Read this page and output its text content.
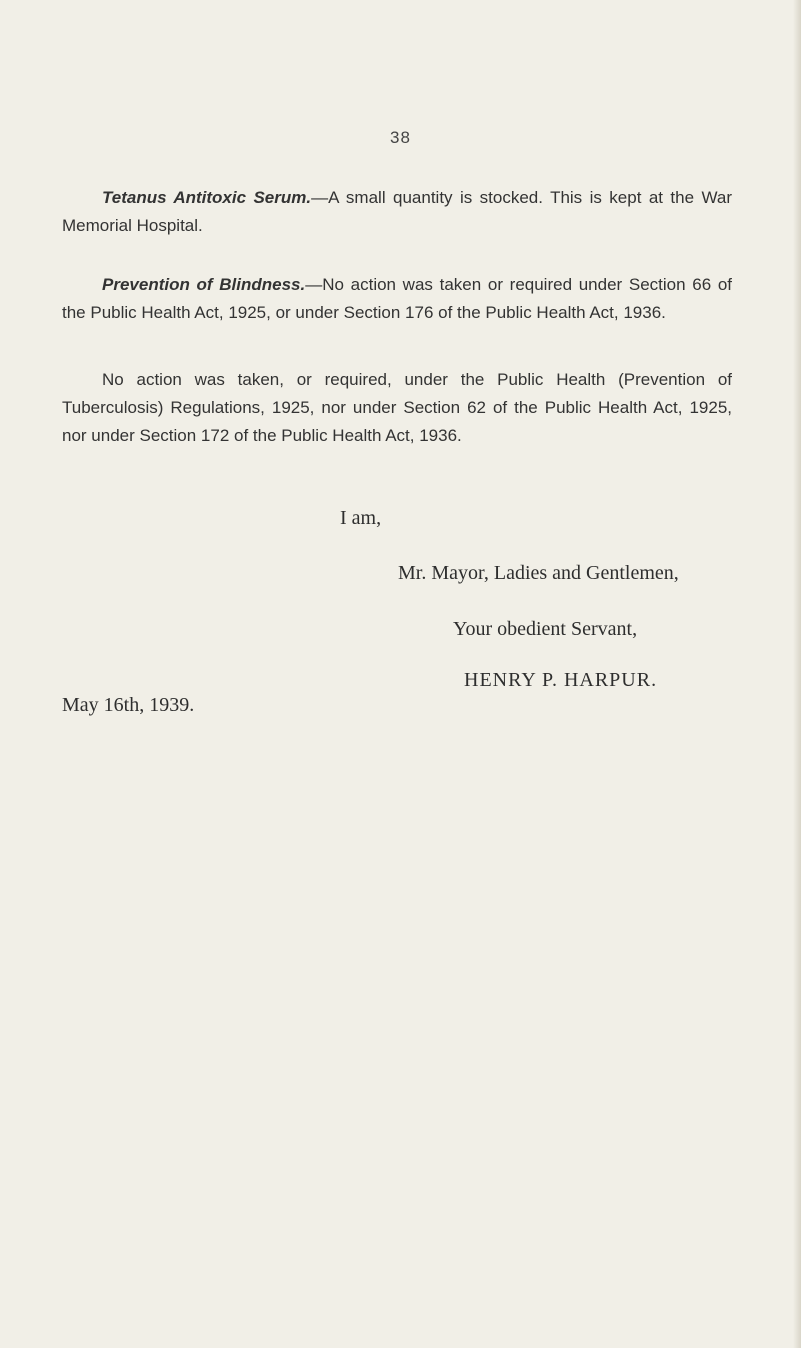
38
Tetanus Antitoxic Serum.—A small quantity is stocked. This is kept at the War Memorial Hospital.
Prevention of Blindness.—No action was taken or required under Section 66 of the Public Health Act, 1925, or under Section 176 of the Public Health Act, 1936.
No action was taken, or required, under the Public Health (Prevention of Tuberculosis) Regulations, 1925, nor under Section 62 of the Public Health Act, 1925, nor under Section 172 of the Public Health Act, 1936.
I am,
Mr. Mayor, Ladies and Gentlemen,
Your obedient Servant,
HENRY P. HARPUR.
May 16th, 1939.
